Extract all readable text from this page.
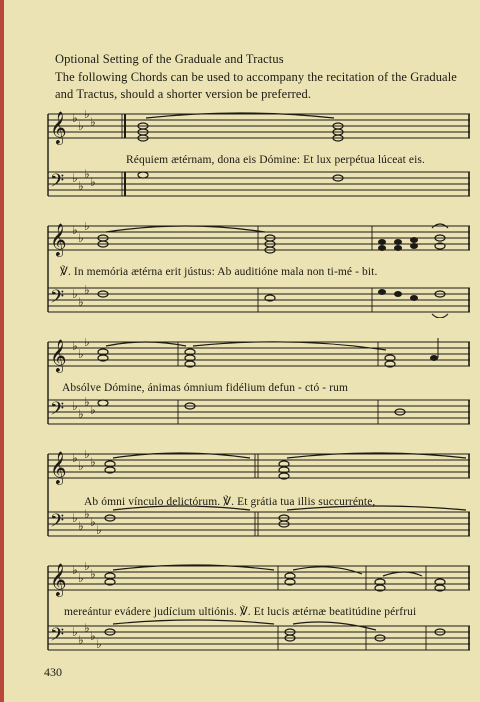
Optional Setting of the Graduale and Tractus
The following Chords can be used to accompany the recitation of the Graduale and Tractus, should a shorter version be preferred.
𝄞
𝄢
♭
♭
♭
♭
♭
♭
♭
♭
Réquiem ætérnam, dona eis Dómine: Et lux perpétua lúceat eis.
𝄞
𝄢
♭
♭
♭
♭
♭
♭
℣. In memória ætérna erit jústus: Ab auditióne mala non ti-mé - bit.
𝄞
𝄢
♭
♭
♭
♭
♭
♭
♭
Absólve Dómine, ánimas ómnium fidélium defun - ctó - rum
𝄞
𝄢
♭
♭
♭
♭
♭
♭
♭
♭
♭
Ab ómni vínculo delictórum. ℣. Et grátia tua illis succurrénte,
𝄞
𝄢
♭
♭
♭
♭
♭
♭
♭
♭
♭
mereántur evádere judícium ultiónis. ℣. Et lucis ætérnæ beatitúdine pérfrui
430
